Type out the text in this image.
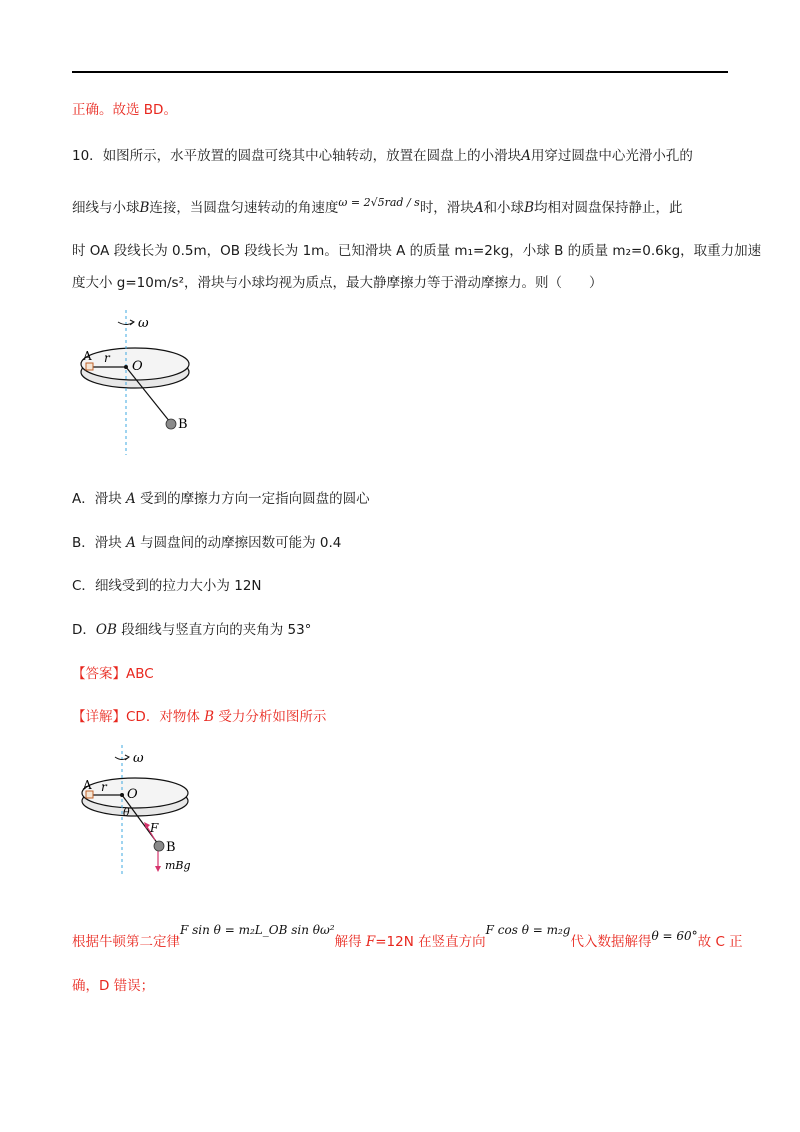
正确。故选 BD。
10．如图所示，水平放置的圆盘可绕其中心轴转动，放置在圆盘上的小滑块A用穿过圆盘中心光滑小孔的
细线与小球B连接，当圆盘匀速转动的角速度$^{\omega = 2√5rad / s}$时，滑块A和小球B均相对圆盘保持静止，此
时 OA 段线长为 0.5m，OB 段线长为 1m。已知滑块 A 的质量 m₁=2kg，小球 B 的质量 m₂=0.6kg，取重力加速
度大小 g=10m/s²，滑块与小球均视为质点，最大静摩擦力等于滑动摩擦力。则（　　）
ω
A r
O
B
A．滑块 A 受到的摩擦力方向一定指向圆盘的圆心
B．滑块 A 与圆盘间的动摩擦因数可能为 0.4
C．细线受到的拉力大小为 12N
D．OB 段细线与竖直方向的夹角为 53°
【答案】ABC
【详解】CD．对物体 B 受力分析如图所示
ω
A r O
θ
F
B
mBg
根据牛顿第二定律F sin θ = m₂L_OB sin θω²解得 F=12N 在竖直方向F cos θ = m₂g代入数据解得θ = 60°故 C 正
确，D 错误；
